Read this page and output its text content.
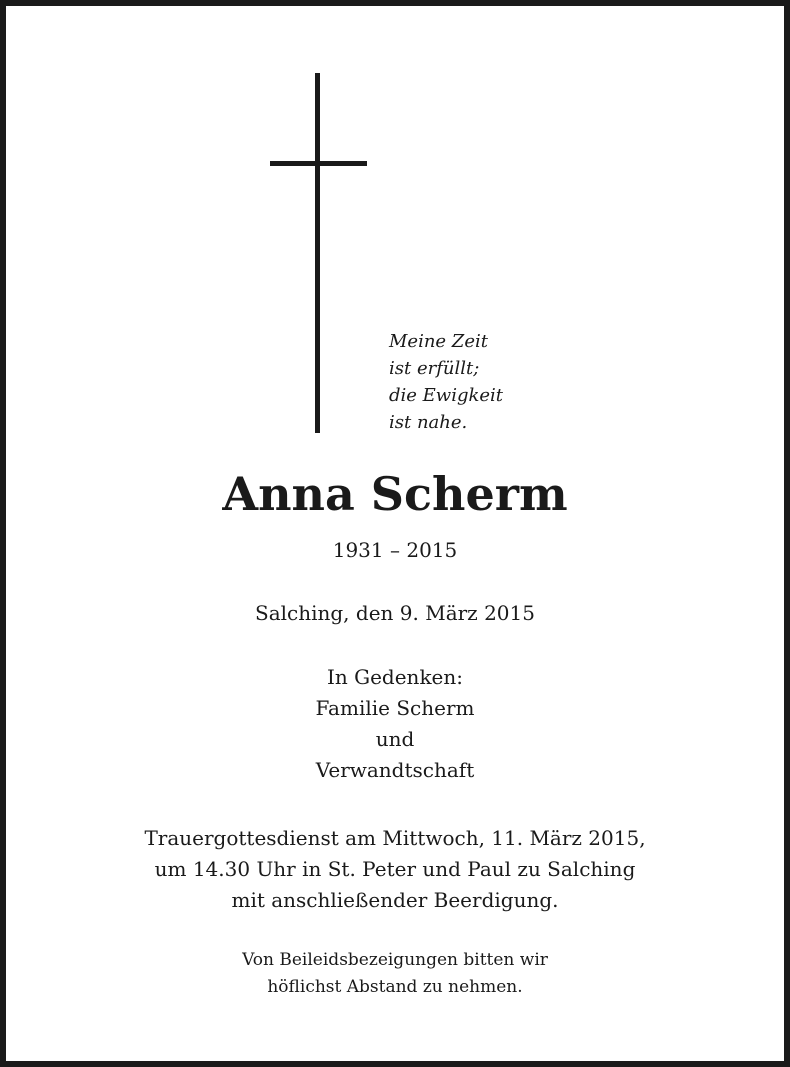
Meine Zeit
ist erfüllt;
die Ewigkeit
ist nahe.
Anna Scherm
1931 – 2015
Salching, den 9. März 2015
In Gedenken:
Familie Scherm
und
Verwandtschaft
Trauergottesdienst am Mittwoch, 11. März 2015,
um 14.30 Uhr in St. Peter und Paul zu Salching
mit anschließender Beerdigung.
Von Beileidsbezeigungen bitten wir
höflichst Abstand zu nehmen.
